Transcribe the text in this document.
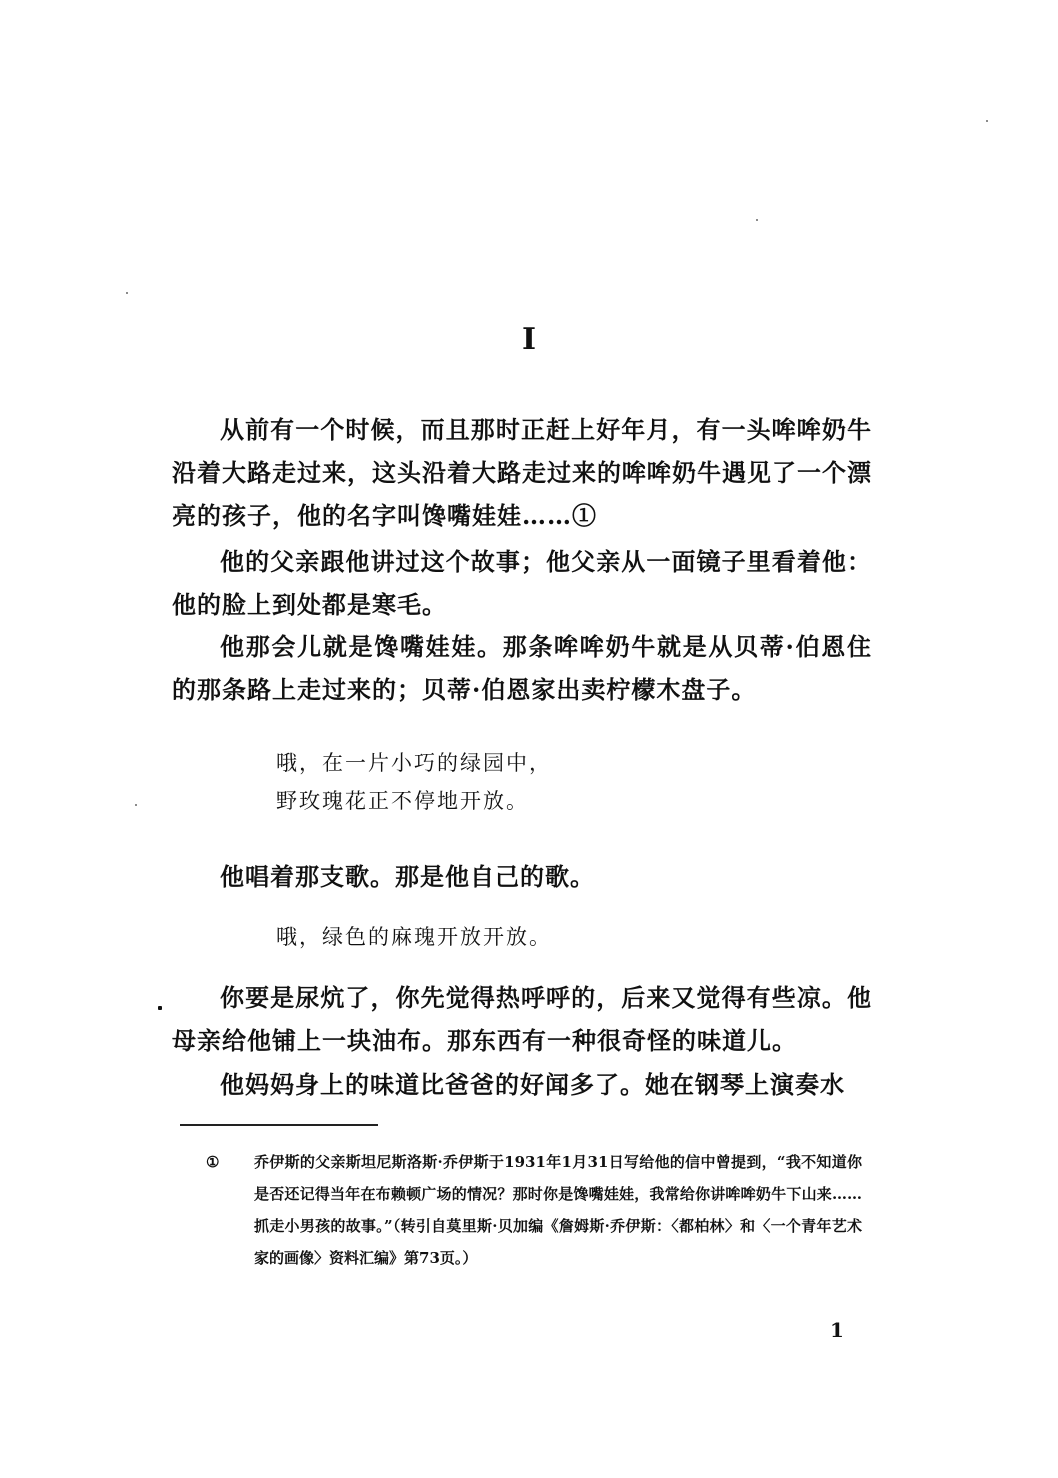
I

从前有一个时候，而且那时正赶上好年月，有一头哞哞奶牛沿着大路走过来，这头沿着大路走过来的哞哞奶牛遇见了一个漂亮的孩子，他的名字叫馋嘴娃娃……①

他的父亲跟他讲过这个故事；他父亲从一面镜子里看着他：他的脸上到处都是寒毛。

他那会儿就是馋嘴娃娃。那条哞哞奶牛就是从贝蒂·伯恩住的那条路上走过来的；贝蒂·伯恩家出卖柠檬木盘子。

哦，在一片小巧的绿园中，
野玫瑰花正不停地开放。

他唱着那支歌。那是他自己的歌。

哦，绿色的麻瑰开放开放。

你要是尿炕了，你先觉得热呼呼的，后来又觉得有些凉。他母亲给他铺上一块油布。那东西有一种很奇怪的味道儿。

他妈妈身上的味道比爸爸的好闻多了。她在钢琴上演奏水

① 乔伊斯的父亲斯坦尼斯洛斯·乔伊斯于1931年1月31日写给他的信中曾提到，“我不知道你是否还记得当年在布赖顿广场的情况？那时你是馋嘴娃娃，我常给你讲哞哞奶牛下山来……抓走小男孩的故事。”（转引自莫里斯·贝加编《詹姆斯·乔伊斯：〈都柏林〉和〈一个青年艺术家的画像〉资料汇编》第73页。）
1
